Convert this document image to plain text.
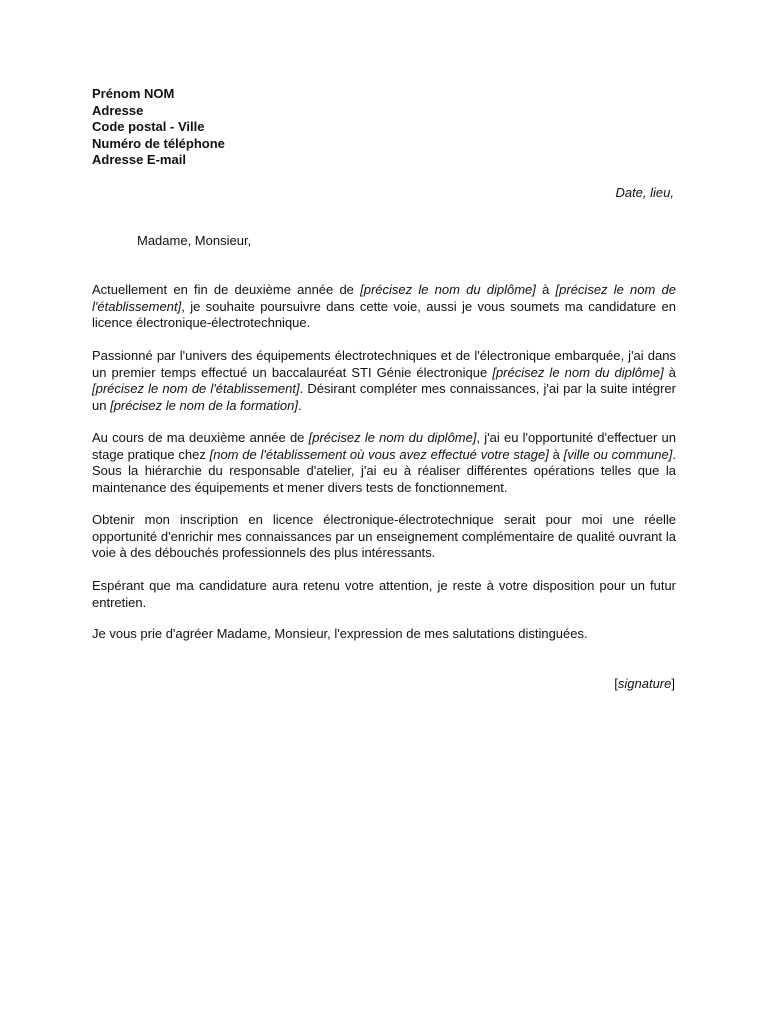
Prénom NOM
Adresse
Code postal - Ville
Numéro de téléphone
Adresse E-mail
Date, lieu,
Madame, Monsieur,
Actuellement en fin de deuxième année de [précisez le nom du diplôme] à [précisez le nom de l'établissement], je souhaite poursuivre dans cette voie, aussi je vous soumets ma candidature en licence électronique-électrotechnique.
Passionné par l'univers des équipements électrotechniques et de l'électronique embarquée, j'ai dans un premier temps effectué un baccalauréat STI Génie électronique [précisez le nom du diplôme] à [précisez le nom de l'établissement]. Désirant compléter mes connaissances, j'ai par la suite intégrer un [précisez le nom de la formation].
Au cours de ma deuxième année de [précisez le nom du diplôme], j'ai eu l'opportunité d'effectuer un stage pratique chez [nom de l'établissement où vous avez effectué votre stage] à [ville ou commune]. Sous la hiérarchie du responsable d'atelier, j'ai eu à réaliser différentes opérations telles que la maintenance des équipements et mener divers tests de fonctionnement.
Obtenir mon inscription en licence électronique-électrotechnique serait pour moi une réelle opportunité d'enrichir mes connaissances par un enseignement complémentaire de qualité ouvrant la voie à des débouchés professionnels des plus intéressants.
Espérant que ma candidature aura retenu votre attention, je reste à votre disposition pour un futur entretien.
Je vous prie d'agréer Madame, Monsieur, l'expression de mes salutations distinguées.
[signature]
